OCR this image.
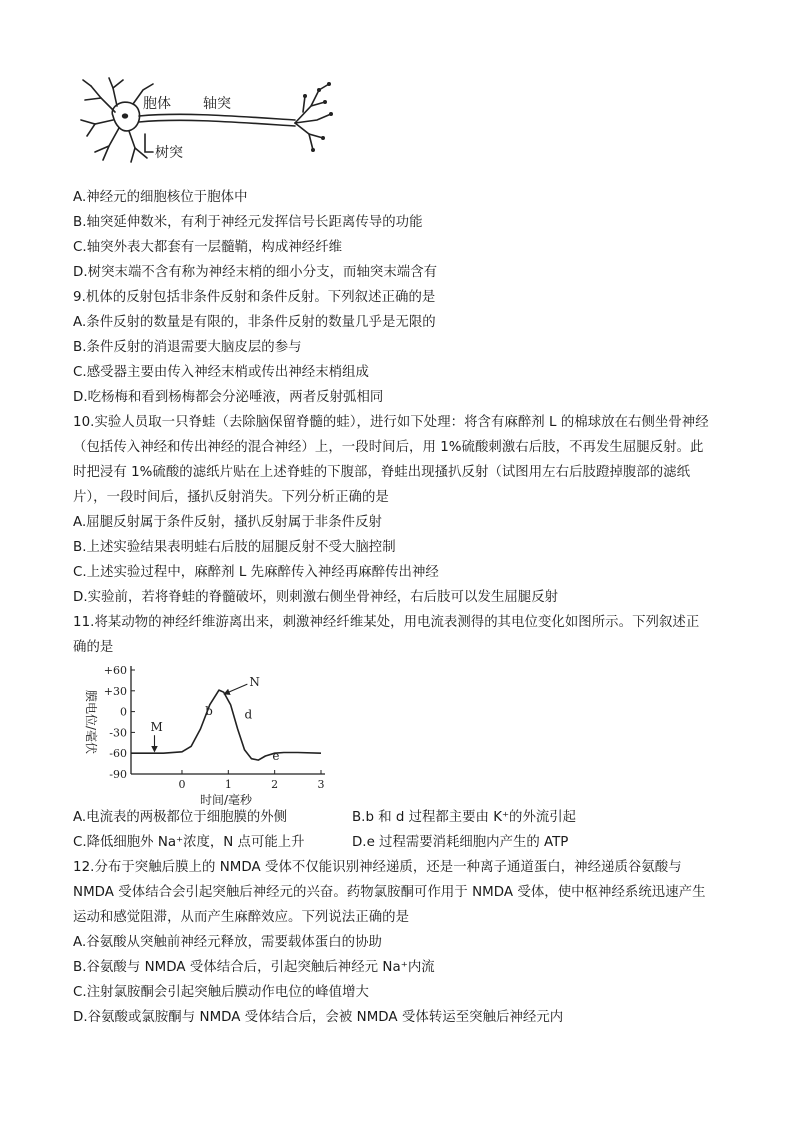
胞体 轴突
树突
A.神经元的细胞核位于胞体中
B.轴突延伸数米，有利于神经元发挥信号长距离传导的功能
C.轴突外表大都套有一层髓鞘，构成神经纤维
D.树突末端不含有称为神经末梢的细小分支，而轴突末端含有
9.机体的反射包括非条件反射和条件反射。下列叙述正确的是
A.条件反射的数量是有限的，非条件反射的数量几乎是无限的
B.条件反射的消退需要大脑皮层的参与
C.感受器主要由传入神经末梢或传出神经末梢组成
D.吃杨梅和看到杨梅都会分泌唾液，两者反射弧相同
10.实验人员取一只脊蛙（去除脑保留脊髓的蛙），进行如下处理：将含有麻醉剂 L 的棉球放在右侧坐骨神经
（包括传入神经和传出神经的混合神经）上，一段时间后，用 1%硫酸刺激右后肢，不再发生屈腿反射。此
时把浸有 1%硫酸的滤纸片贴在上述脊蛙的下腹部，脊蛙出现搔扒反射（试图用左右后肢蹬掉腹部的滤纸
片），一段时间后，搔扒反射消失。下列分析正确的是
A.屈腿反射属于条件反射，搔扒反射属于非条件反射
B.上述实验结果表明蛙右后肢的屈腿反射不受大脑控制
C.上述实验过程中，麻醉剂 L 先麻醉传入神经再麻醉传出神经
D.实验前，若将脊蛙的脊髓破坏，则刺激右侧坐骨神经，右后肢可以发生屈腿反射
11.将某动物的神经纤维游离出来，刺激神经纤维某处，用电流表测得的其电位变化如图所示。下列叙述正
确的是
膜电位/毫伏
+60
+30
0
-30
-60
-90
0	1	2	3
时间/毫秒
M
N
b	d
e
A.电流表的两极都位于细胞膜的外侧	B.b 和 d 过程都主要由 K⁺的外流引起
C.降低细胞外 Na⁺浓度，N 点可能上升	D.e 过程需要消耗细胞内产生的 ATP
12.分布于突触后膜上的 NMDA 受体不仅能识别神经递质，还是一种离子通道蛋白，神经递质谷氨酸与
NMDA 受体结合会引起突触后神经元的兴奋。药物氯胺酮可作用于 NMDA 受体，使中枢神经系统迅速产生
运动和感觉阻滞，从而产生麻醉效应。下列说法正确的是
A.谷氨酸从突触前神经元释放，需要载体蛋白的协助
B.谷氨酸与 NMDA 受体结合后，引起突触后神经元 Na⁺内流
C.注射氯胺酮会引起突触后膜动作电位的峰值增大
D.谷氨酸或氯胺酮与 NMDA 受体结合后，会被 NMDA 受体转运至突触后神经元内
